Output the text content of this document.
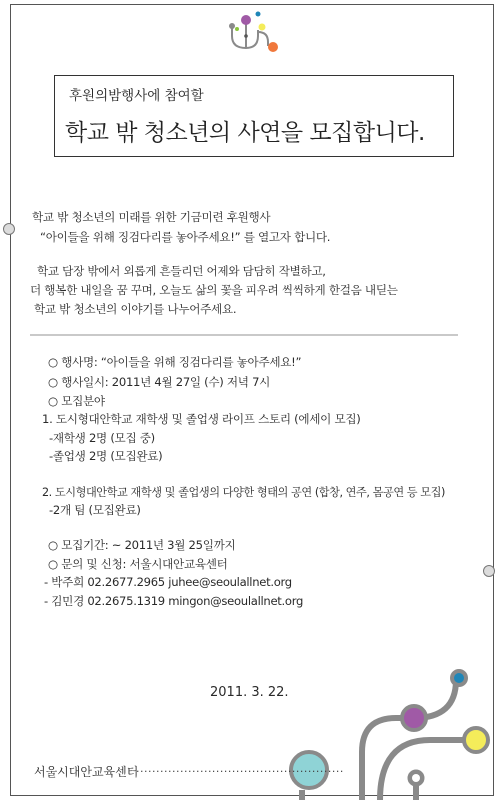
후원의밤행사에 참여할
학교 밖 청소년의 사연을 모집합니다.
학교 밖 청소년의 미래를 위한 기금미련 후원행사
“아이들을 위해 징검다리를 놓아주세요!” 를 열고자 합니다.
학교 담장 밖에서 외롭게 흔들리던 어제와 담담히 작별하고,
더 행복한 내일을 꿈 꾸며, 오늘도 삶의 꽃을 피우려 씩씩하게 한걸음 내딛는
학교 밖 청소년의 이야기를 나누어주세요.
○ 행사명: “아이들을 위해 징검다리를 놓아주세요!”
○ 행사일시: 2011년 4월 27일 (수) 저녁 7시
○ 모집분야
1. 도시형대안학교 재학생 및 졸업생 라이프 스토리 (에세이 모집)
-재학생 2명 (모집 중)
-졸업생 2명 (모집완료)
2. 도시형대안학교 재학생 및 졸업생의 다양한 형태의 공연 (합창, 연주, 몸공연 등 모집)
-2개 팀 (모집완료)
○ 모집기간: ~ 2011년 3월 25일까지
○ 문의 및 신청: 서울시대안교육센터
- 박주희 02.2677.2965 juhee@seoulallnet.org
- 김민경 02.2675.1319 mingon@seoulallnet.org
2011. 3. 22.
서울시대안교육센터
....................................................
